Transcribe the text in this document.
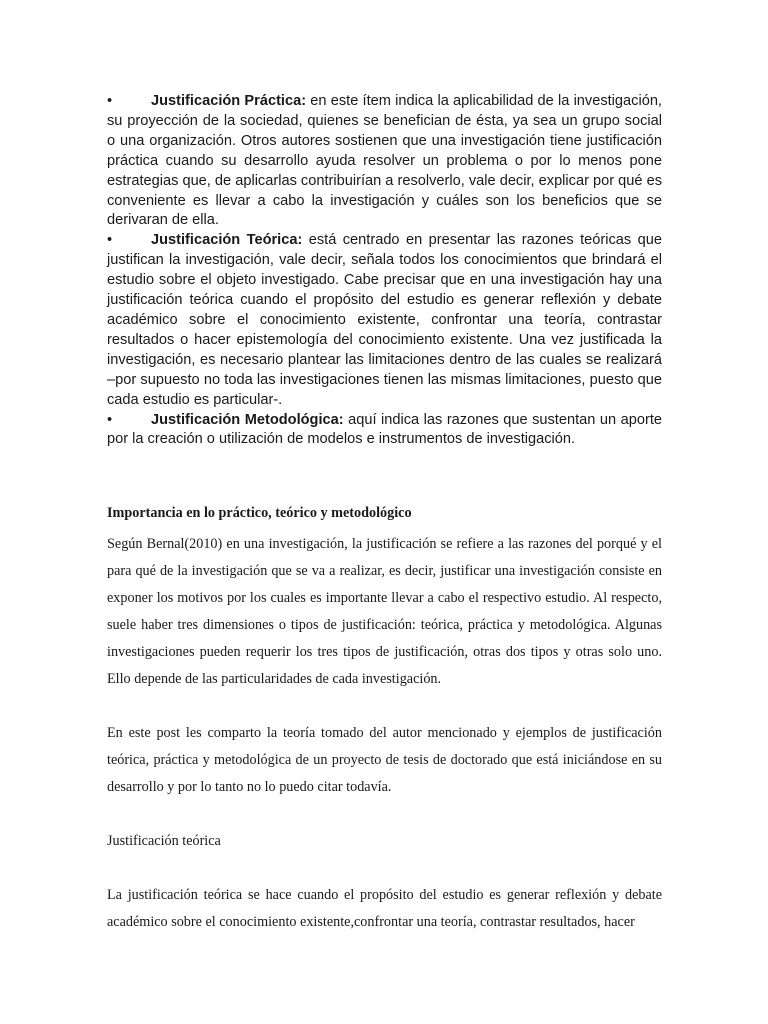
•	Justificación Práctica: en este ítem indica la aplicabilidad de la investigación, su proyección de la sociedad, quienes se benefician de ésta, ya sea un grupo social o una organización. Otros autores sostienen que una investigación tiene justificación práctica cuando su desarrollo ayuda resolver un problema o por lo menos pone estrategias que, de aplicarlas contribuirían a resolverlo, vale decir, explicar por qué es conveniente es llevar a cabo la investigación y cuáles son los beneficios que se derivaran de ella.

•	Justificación Teórica: está centrado en presentar las razones teóricas que justifican la investigación, vale decir, señala todos los conocimientos que brindará el estudio sobre el objeto investigado. Cabe precisar que en una investigación hay una justificación teórica cuando el propósito del estudio es generar reflexión y debate académico sobre el conocimiento existente, confrontar una teoría, contrastar resultados o hacer epistemología del conocimiento existente. Una vez justificada la investigación, es necesario plantear las limitaciones dentro de las cuales se realizará –por supuesto no toda las investigaciones tienen las mismas limitaciones, puesto que cada estudio es particular-.

•	Justificación Metodológica: aquí indica las razones que sustentan un aporte por la creación o utilización de modelos e instrumentos de investigación.

Importancia en lo práctico, teórico y metodológico

Según Bernal(2010) en una investigación, la justificación se refiere a las razones del porqué y el para qué de la investigación que se va a realizar, es decir, justificar una investigación consiste en exponer los motivos por los cuales es importante llevar a cabo el respectivo estudio. Al respecto, suele haber tres dimensiones o tipos de justificación: teórica, práctica y metodológica. Algunas investigaciones pueden requerir los tres tipos de justificación, otras dos tipos y otras solo uno. Ello depende de las particularidades de cada investigación.

En este post les comparto la teoría tomado del autor mencionado y ejemplos de justificación teórica, práctica y metodológica de un proyecto de tesis de doctorado que está iniciándose en su desarrollo y por lo tanto no lo puedo citar todavía.

Justificación teórica

La justificación teórica se hace cuando el propósito del estudio es generar reflexión y debate académico sobre el conocimiento existente,confrontar una teoría, contrastar resultados, hacer
